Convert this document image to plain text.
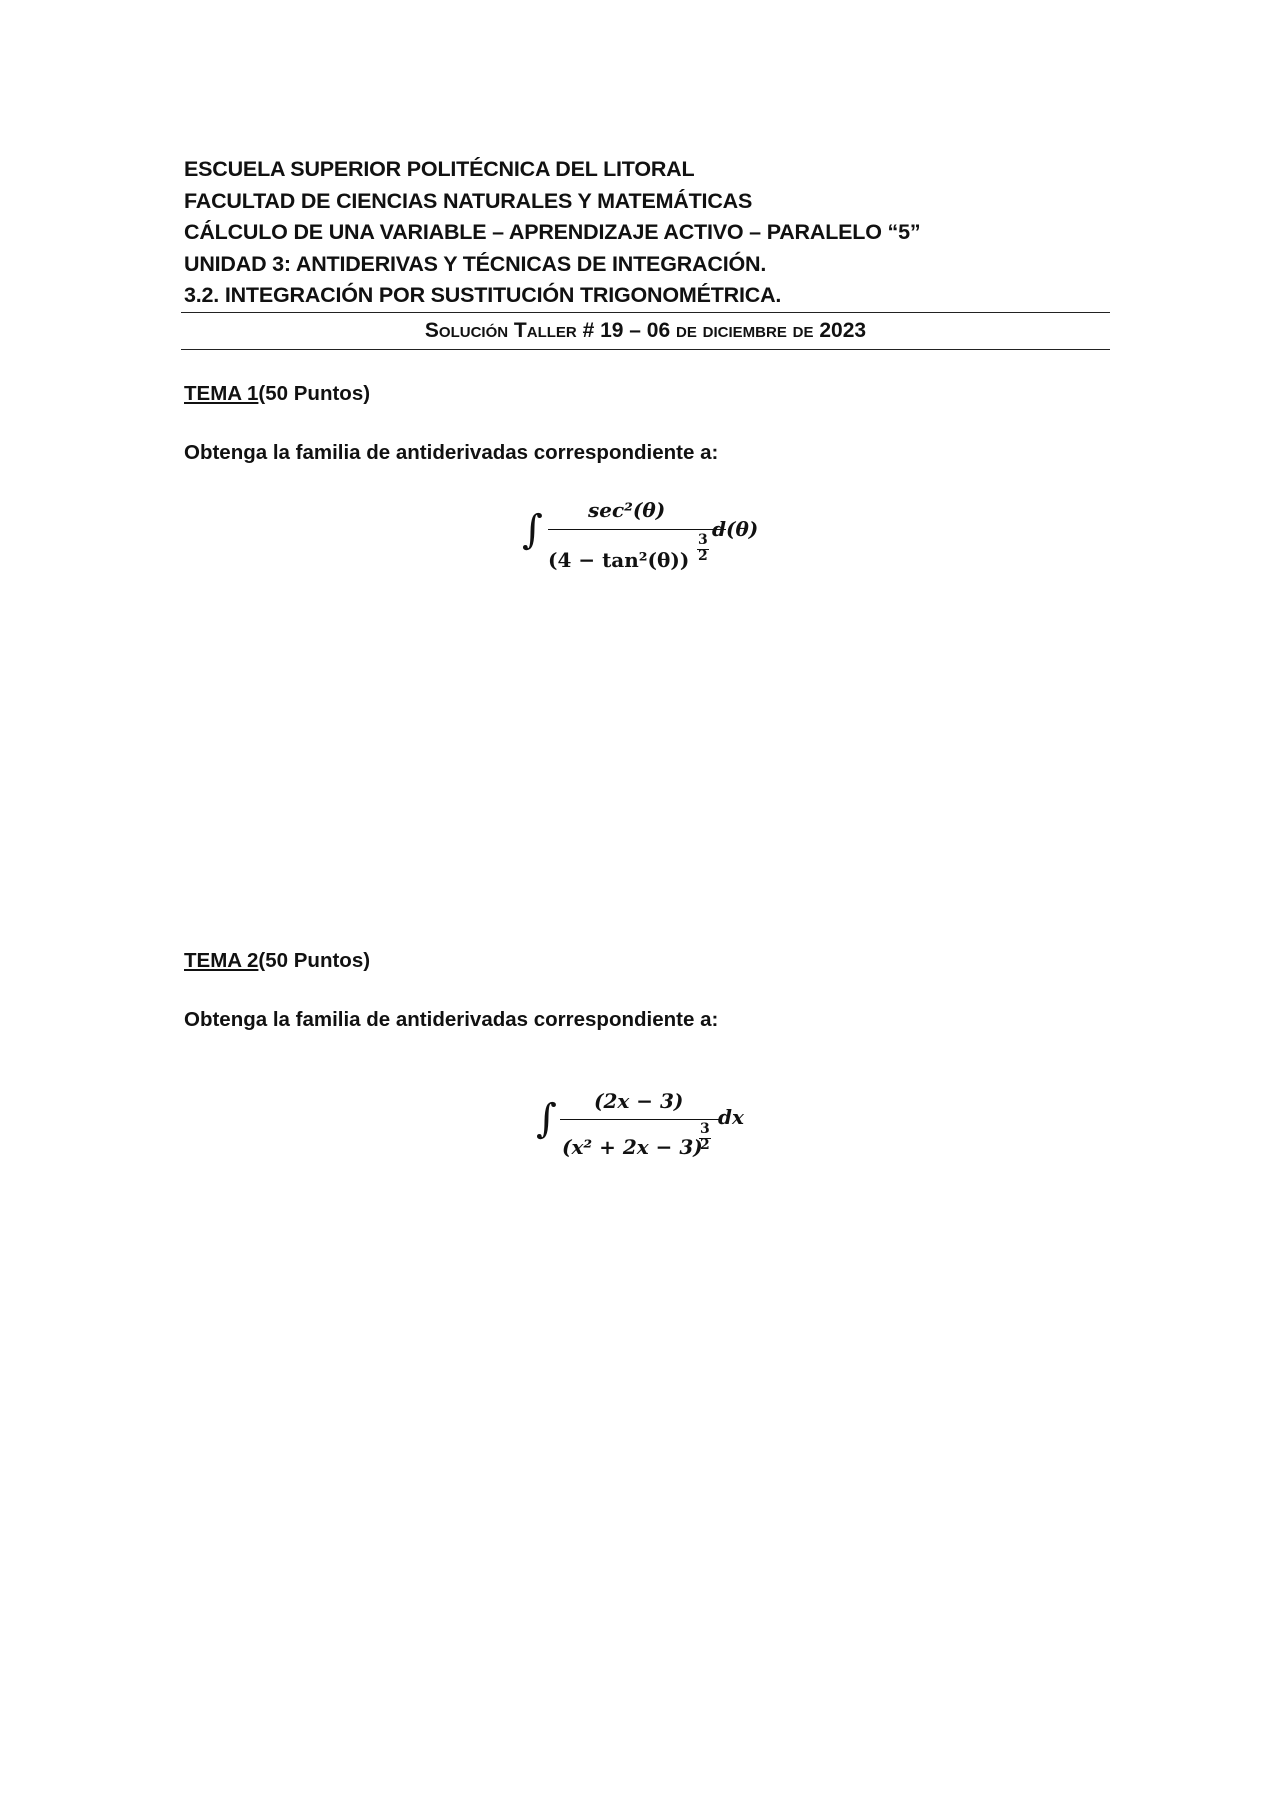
ESCUELA SUPERIOR POLITÉCNICA DEL LITORAL
FACULTAD DE CIENCIAS NATURALES Y MATEMÁTICAS
CÁLCULO DE UNA VARIABLE – APRENDIZAJE ACTIVO – PARALELO “5”
UNIDAD 3: ANTIDERIVAS Y TÉCNICAS DE INTEGRACIÓN.
3.2. INTEGRACIÓN POR SUSTITUCIÓN TRIGONOMÉTRICA.
Solución Taller # 19 – 06 de diciembre de 2023
TEMA 1(50 Puntos)
Obtenga la familia de antiderivadas correspondiente a:
∫ sec²(θ)
(4 − tan²(θ))
3
2
d(θ)
TEMA 2(50 Puntos)
Obtenga la familia de antiderivadas correspondiente a:
∫ (2x − 3)
(x² + 2x − 3)
3
2
dx
